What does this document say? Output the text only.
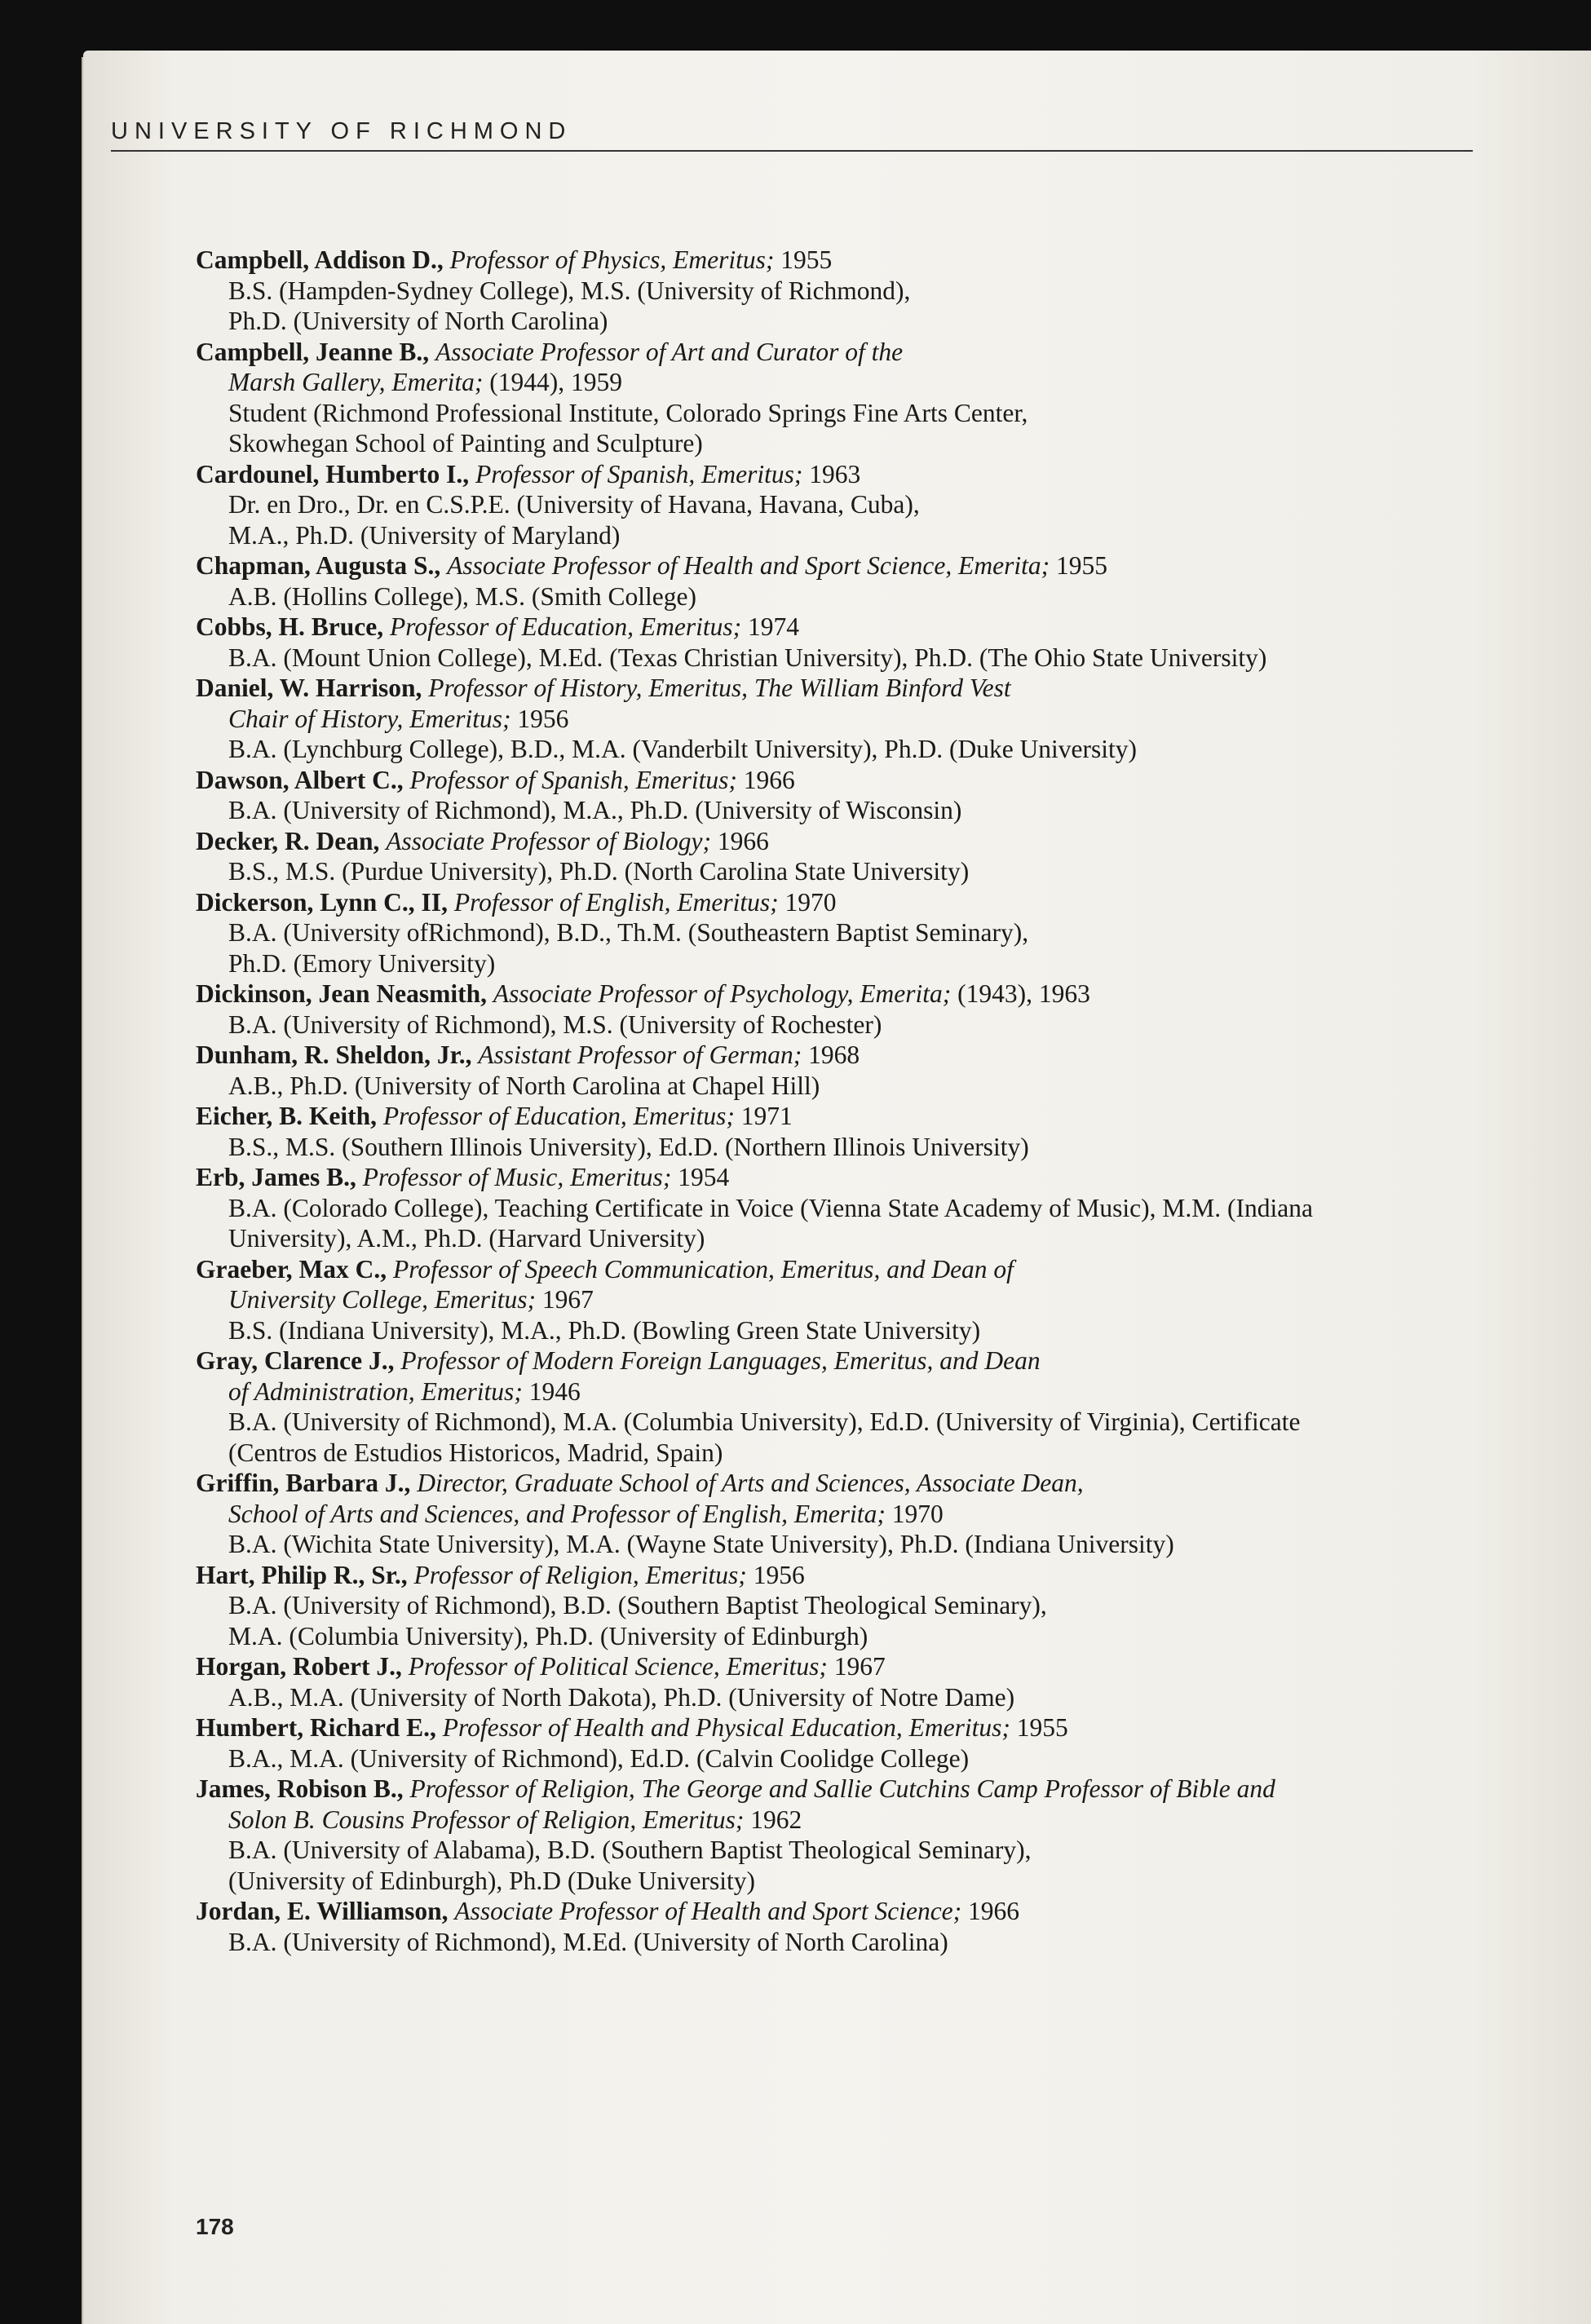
UNIVERSITY OF RICHMOND

Campbell, Addison D., Professor of Physics, Emeritus; 1955

B.S. (Hampden-Sydney College), M.S. (University of Richmond),

Ph.D. (University of North Carolina)

Campbell, Jeanne B., Associate Professor of Art and Curator of the
Marsh Gallery, Emerita; (1944), 1959

Student (Richmond Professional Institute, Colorado Springs Fine Arts Center,

Skowhegan School of Painting and Sculpture)

Cardounel, Humberto I., Professor of Spanish, Emeritus; 1963

Dr. en Dro., Dr. en C.S.P.E. (University of Havana, Havana, Cuba),

M.A., Ph.D. (University of Maryland)

Chapman, Augusta S., Associate Professor of Health and Sport Science, Emerita; 1955

A.B. (Hollins College), M.S. (Smith College)

Cobbs, H. Bruce, Professor of Education, Emeritus; 1974

B.A. (Mount Union College), M.Ed. (Texas Christian University), Ph.D. (The Ohio State University)

Daniel, W. Harrison, Professor of History, Emeritus, The William Binford Vest
Chair of History, Emeritus; 1956

B.A. (Lynchburg College), B.D., M.A. (Vanderbilt University), Ph.D. (Duke University)

Dawson, Albert C., Professor of Spanish, Emeritus; 1966

B.A. (University of Richmond), M.A., Ph.D. (University of Wisconsin)

Decker, R. Dean, Associate Professor of Biology; 1966

B.S., M.S. (Purdue University), Ph.D. (North Carolina State University)

Dickerson, Lynn C., II, Professor of English, Emeritus; 1970

B.A. (University ofRichmond), B.D., Th.M. (Southeastern Baptist Seminary),

Ph.D. (Emory University)

Dickinson, Jean Neasmith, Associate Professor of Psychology, Emerita; (1943), 1963

B.A. (University of Richmond), M.S. (University of Rochester)

Dunham, R. Sheldon, Jr., Assistant Professor of German; 1968

A.B., Ph.D. (University of North Carolina at Chapel Hill)

Eicher, B. Keith, Professor of Education, Emeritus; 1971

B.S., M.S. (Southern Illinois University), Ed.D. (Northern Illinois University)

Erb, James B., Professor of Music, Emeritus; 1954

B.A. (Colorado College), Teaching Certificate in Voice (Vienna State Academy of Music), M.M. (Indiana

University), A.M., Ph.D. (Harvard University)

Graeber, Max C., Professor of Speech Communication, Emeritus, and Dean of
University College, Emeritus; 1967

B.S. (Indiana University), M.A., Ph.D. (Bowling Green State University)

Gray, Clarence J., Professor of Modern Foreign Languages, Emeritus, and Dean
of Administration, Emeritus; 1946

B.A. (University of Richmond), M.A. (Columbia University), Ed.D. (University of Virginia), Certificate

(Centros de Estudios Historicos, Madrid, Spain)

Griffin, Barbara J., Director, Graduate School of Arts and Sciences, Associate Dean,
School of Arts and Sciences, and Professor of English, Emerita; 1970

B.A. (Wichita State University), M.A. (Wayne State University), Ph.D. (Indiana University)

Hart, Philip R., Sr., Professor of Religion, Emeritus; 1956

B.A. (University of Richmond), B.D. (Southern Baptist Theological Seminary),

M.A. (Columbia University), Ph.D. (University of Edinburgh)

Horgan, Robert J., Professor of Political Science, Emeritus; 1967

A.B., M.A. (University of North Dakota), Ph.D. (University of Notre Dame)

Humbert, Richard E., Professor of Health and Physical Education, Emeritus; 1955

B.A., M.A. (University of Richmond), Ed.D. (Calvin Coolidge College)

James, Robison B., Professor of Religion, The George and Sallie Cutchins Camp Professor of Bible and
Solon B. Cousins Professor of Religion, Emeritus; 1962

B.A. (University of Alabama), B.D. (Southern Baptist Theological Seminary),

(University of Edinburgh), Ph.D (Duke University)

Jordan, E. Williamson, Associate Professor of Health and Sport Science; 1966

B.A. (University of Richmond), M.Ed. (University of North Carolina)

178
